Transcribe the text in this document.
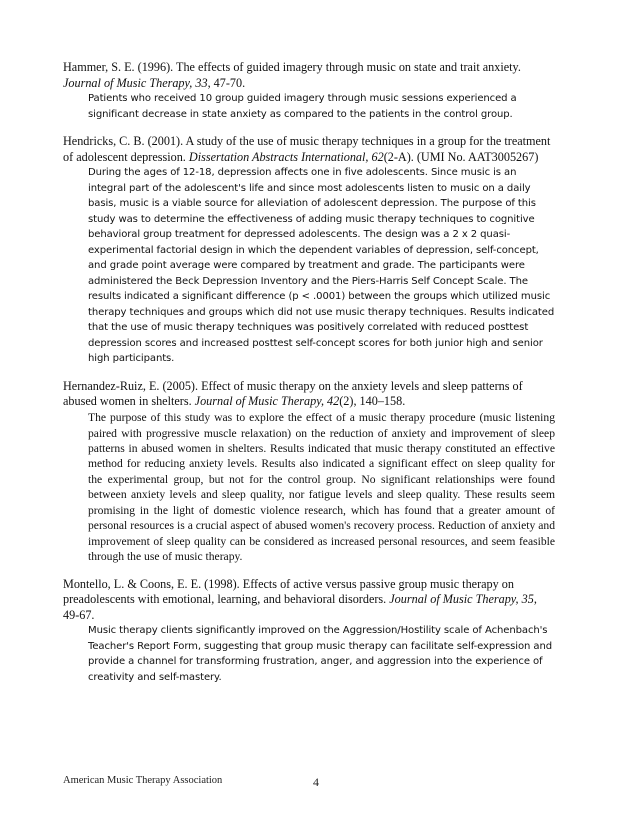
Hammer, S. E. (1996). The effects of guided imagery through music on state and trait anxiety. Journal of Music Therapy, 33, 47-70.

Patients who received 10 group guided imagery through music sessions experienced a significant decrease in state anxiety as compared to the patients in the control group.

Hendricks, C. B. (2001). A study of the use of music therapy techniques in a group for the treatment of adolescent depression. Dissertation Abstracts International, 62(2-A). (UMI No. AAT3005267)

During the ages of 12-18, depression affects one in five adolescents. Since music is an integral part of the adolescent's life and since most adolescents listen to music on a daily basis, music is a viable source for alleviation of adolescent depression. The purpose of this study was to determine the effectiveness of adding music therapy techniques to cognitive behavioral group treatment for depressed adolescents. The design was a 2 x 2 quasi-experimental factorial design in which the dependent variables of depression, self-concept, and grade point average were compared by treatment and grade. The participants were administered the Beck Depression Inventory and the Piers-Harris Self Concept Scale. The results indicated a significant difference (p < .0001) between the groups which utilized music therapy techniques and groups which did not use music therapy techniques. Results indicated that the use of music therapy techniques was positively correlated with reduced posttest depression scores and increased posttest self-concept scores for both junior high and senior high participants.

Hernandez-Ruiz, E. (2005). Effect of music therapy on the anxiety levels and sleep patterns of abused women in shelters. Journal of Music Therapy, 42(2), 140–158.

The purpose of this study was to explore the effect of a music therapy procedure (music listening paired with progressive muscle relaxation) on the reduction of anxiety and improvement of sleep patterns in abused women in shelters. Results indicated that music therapy constituted an effective method for reducing anxiety levels. Results also indicated a significant effect on sleep quality for the experimental group, but not for the control group. No significant relationships were found between anxiety levels and sleep quality, nor fatigue levels and sleep quality. These results seem promising in the light of domestic violence research, which has found that a greater amount of personal resources is a crucial aspect of abused women's recovery process. Reduction of anxiety and improvement of sleep quality can be considered as increased personal resources, and seem feasible through the use of music therapy.

Montello, L. & Coons, E. E. (1998). Effects of active versus passive group music therapy on preadolescents with emotional, learning, and behavioral disorders. Journal of Music Therapy, 35, 49-67.

Music therapy clients significantly improved on the Aggression/Hostility scale of Achenbach's Teacher's Report Form, suggesting that group music therapy can facilitate self-expression and provide a channel for transforming frustration, anger, and aggression into the experience of creativity and self-mastery.

American Music Therapy Association	4
